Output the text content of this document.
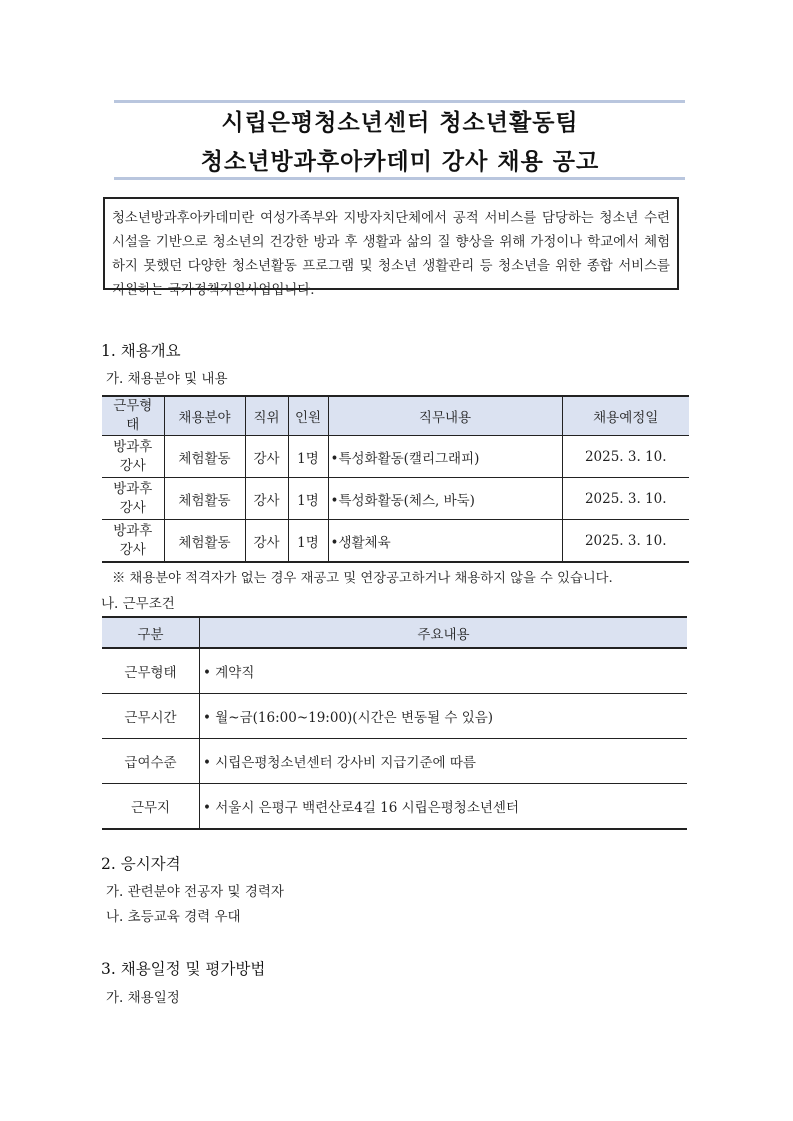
시립은평청소년센터 청소년활동팀
청소년방과후아카데미 강사 채용 공고
청소년방과후아카데미란 여성가족부와 지방자치단체에서 공적 서비스를 담당하는 청소년 수련시설을 기반으로 청소년의 건강한 방과 후 생활과 삶의 질 향상을 위해 가정이나 학교에서 체험하지 못했던 다양한 청소년활동 프로그램 및 청소년 생활관리 등 청소년을 위한 종합 서비스를 지원하는 국가정책지원사업입니다.
1. 채용개요
가. 채용분야 및 내용
근무형
태	채용분야	직위	인원	직무내용	채용예정일

방과후
강사	체험활동	강사	1명	•특성화활동(캘리그래피)	2025. 3. 10.

방과후
강사	체험활동	강사	1명	•특성화활동(체스, 바둑)	2025. 3. 10.

방과후
강사	체험활동	강사	1명	•생활체육	2025. 3. 10.
※ 채용분야 적격자가 없는 경우 재공고 및 연장공고하거나 채용하지 않을 수 있습니다.
나. 근무조건
구분	주요내용
근무형태	• 계약직
근무시간	• 월~금(16:00~19:00)(시간은 변동될 수 있음)
급여수준	• 시립은평청소년센터 강사비 지급기준에 따름
근무지	• 서울시 은평구 백련산로4길 16 시립은평청소년센터
2. 응시자격
가. 관련분야 전공자 및 경력자
나. 초등교육 경력 우대
3. 채용일정 및 평가방법
가. 채용일정
